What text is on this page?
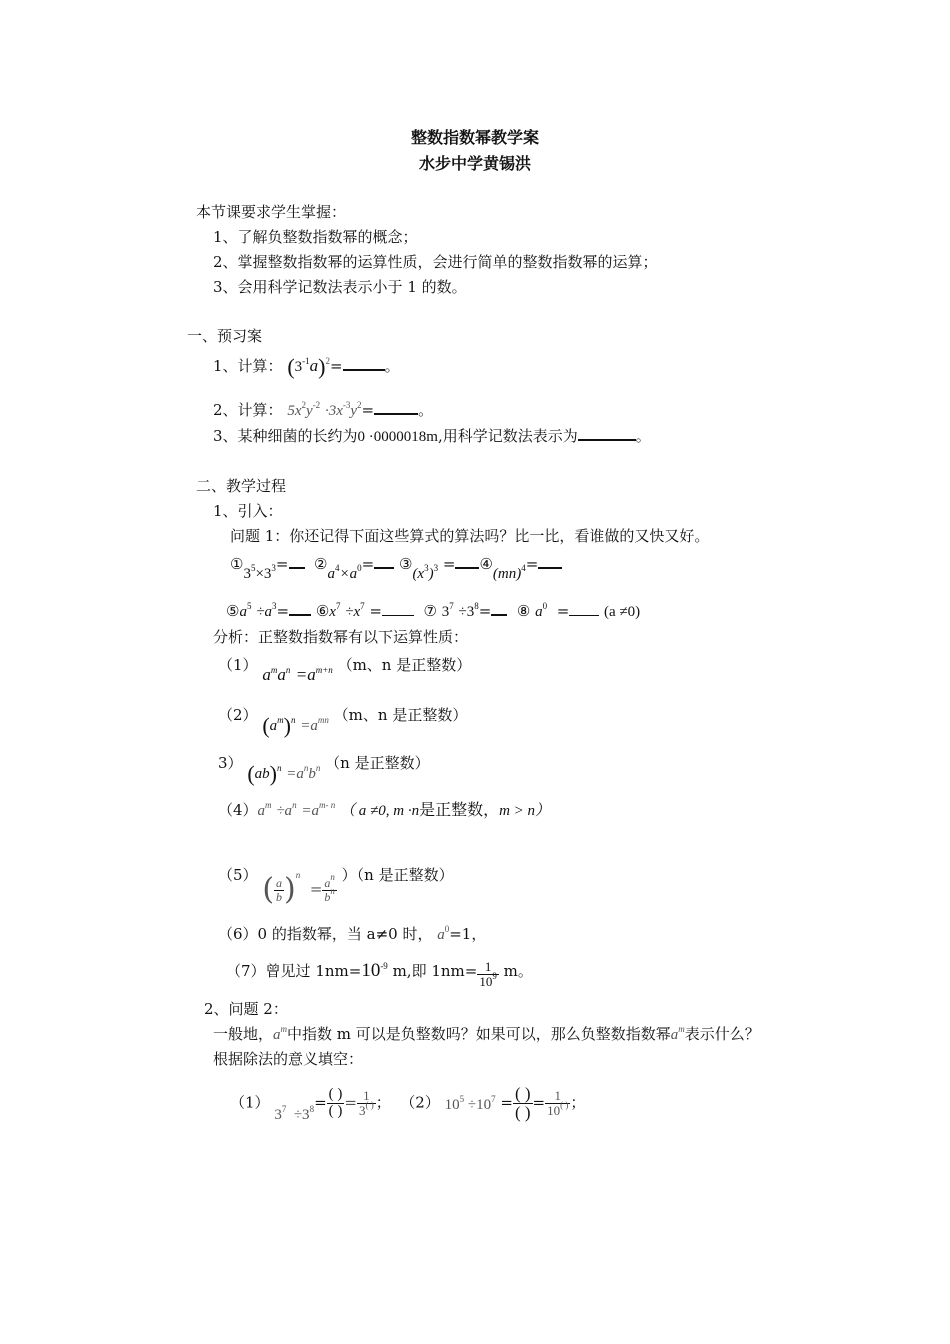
整数指数幂教学案
水步中学黄锡洪
本节课要求学生掌握：
1、了解负整数指数幂的概念；
2、掌握整数指数幂的运算性质，会进行简单的整数指数幂的运算；
3、会用科学记数法表示小于 1 的数。
一、预习案
1、计算： $(3^{-1}a)^2=$	。
2、计算： $5x^2y^{-2} \cdot 3x^{-3}y^2=$	。
3、某种细菌的长约为0 ·0000018m,用科学记数法表示为	。
二、教学过程
1、引入：
问题 1：你还记得下面这些算式的算法吗？比一比，看谁做的又快又好。
$①3^5\times 3^3=$ $②a^4\times a^0=$ $③(x^3)^3$ = ④(mn)$^4$=
$⑤a^5 \div a^3=$ $⑥x^7 \div x^7$ =	⑦ $3^7 \div 3^8=$ ⑧ $a^0 = (a \ne 0)$
分析：正整数指数幂有以下运算性质：
（1） $a^ma^n =a^{m+n}$ （m、n 是正整数）
（2） $(a^m)^n =a^{mn}$ （m、n 是正整数）
3） $(ab)^n =a^nb^n$ （n 是正整数）
$(4)a^m \div a^n =a^{m- n}$ （ a ≠0, m ·n是正整数，m > n）
（5） ( $\frac{a}{b} )^n = \frac{a^n}{b^n}$
）（n 是正整数）
（6）0 的指数幂，当 a≠0 时， $a^0=1$，
（7）曾见过 $1nm=10^{-9}$ m,即 $1nm= \frac{1}{10^9}$ m。
2、问题 2：
一般地，$a^m$中指数 m 可以是负整数吗？如果可以，那么负整数指数幂$a^m$表示什么？
根据除法的意义填空：
（1） $3^7 \div 3^8= \frac{( )}{( )} = \frac{1}{3^{( )}}$ ； （2） $10^5 \div 10^7 = \frac{( )}{( )} = \frac{1}{10^{( )}}$ ；
